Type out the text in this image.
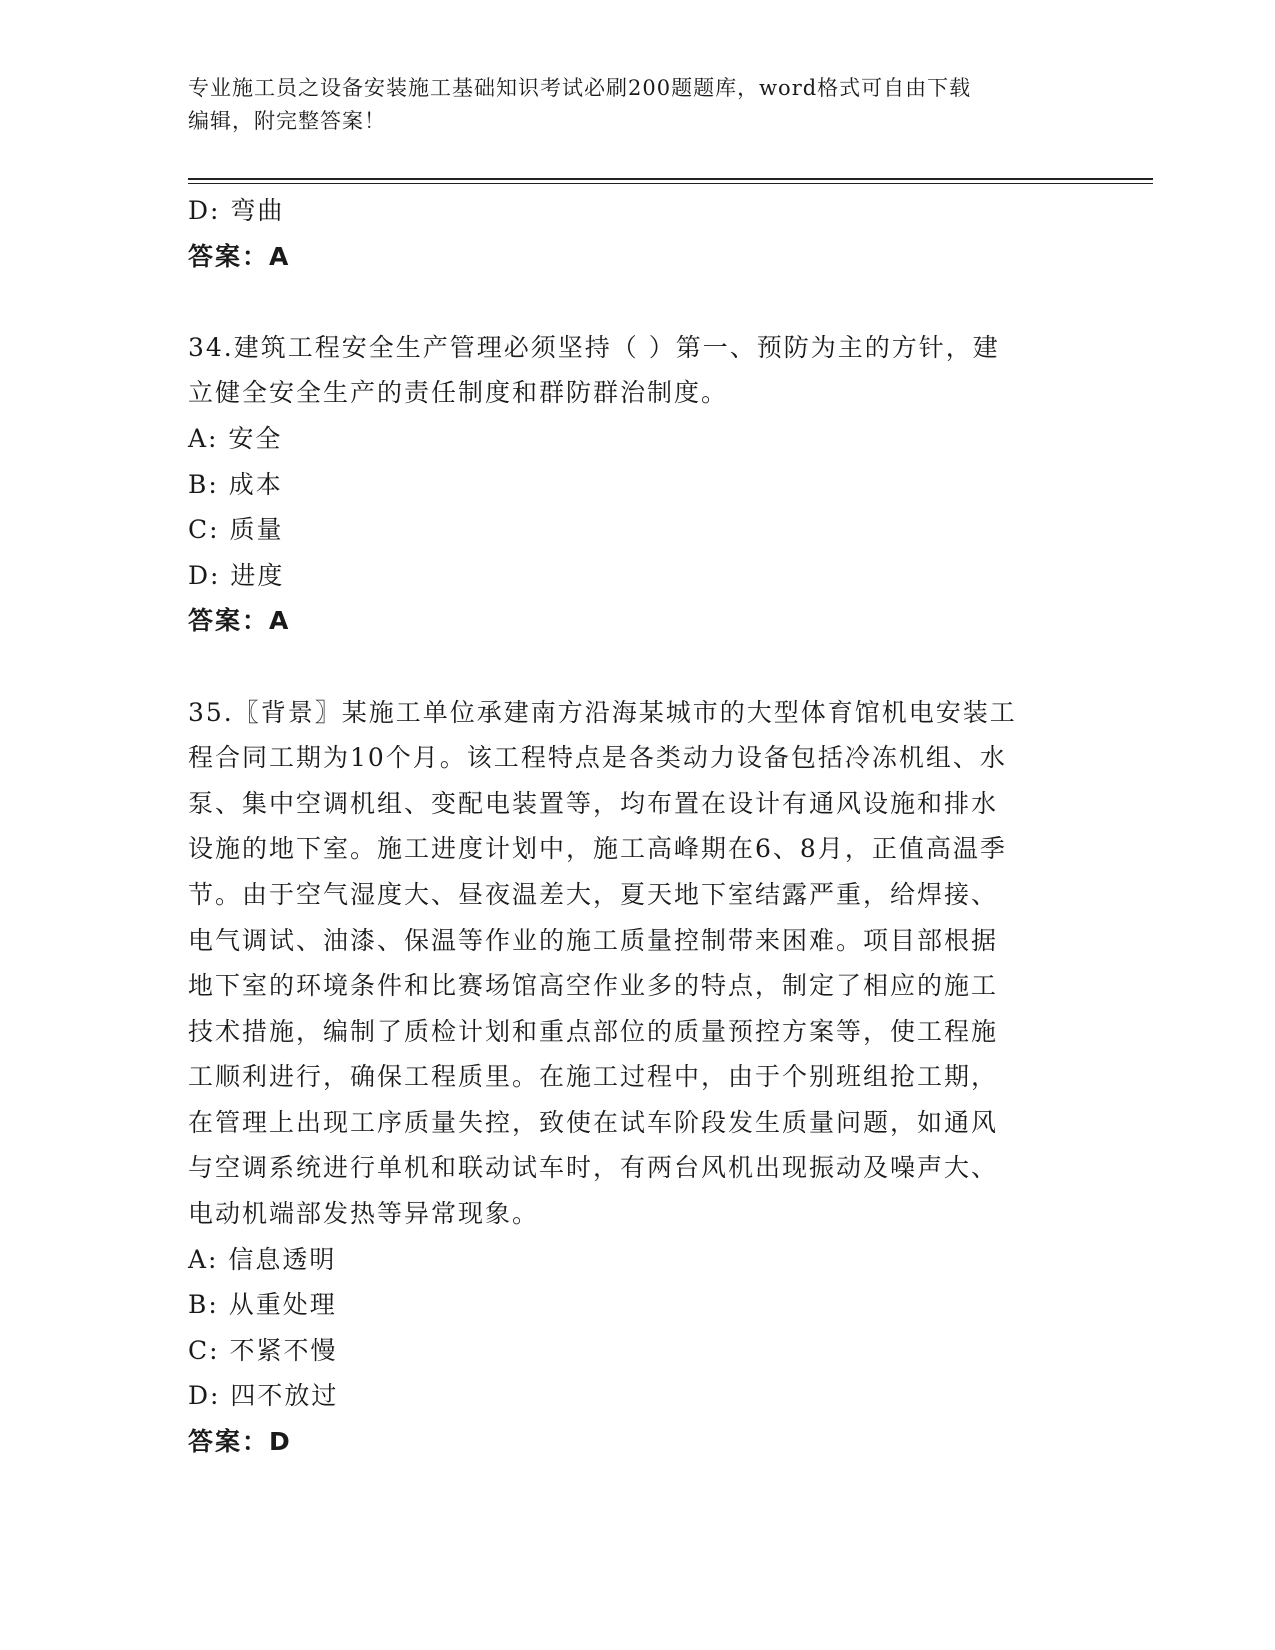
专业施工员之设备安装施工基础知识考试必刷200题题库，word格式可自由下载
编辑，附完整答案！
D: 弯曲
答案：A
34.建筑工程安全生产管理必须坚持（ ）第一、预防为主的方针，建
立健全安全生产的责任制度和群防群治制度。
A: 安全
B: 成本
C: 质量
D: 进度
答案：A
35.〖背景〗某施工单位承建南方沿海某城市的大型体育馆机电安装工
程合同工期为10个月。该工程特点是各类动力设备包括冷冻机组、水
泵、集中空调机组、变配电装置等，均布置在设计有通风设施和排水
设施的地下室。施工进度计划中，施工高峰期在6、8月，正值高温季
节。由于空气湿度大、昼夜温差大，夏天地下室结露严重，给焊接、
电气调试、油漆、保温等作业的施工质量控制带来困难。项目部根据
地下室的环境条件和比赛场馆高空作业多的特点，制定了相应的施工
技术措施，编制了质检计划和重点部位的质量预控方案等，使工程施
工顺利进行，确保工程质里。在施工过程中，由于个别班组抢工期，
在管理上出现工序质量失控，致使在试车阶段发生质量问题，如通风
与空调系统进行单机和联动试车时，有两台风机出现振动及噪声大、
电动机端部发热等异常现象。
A: 信息透明
B: 从重处理
C: 不紧不慢
D: 四不放过
答案：D
